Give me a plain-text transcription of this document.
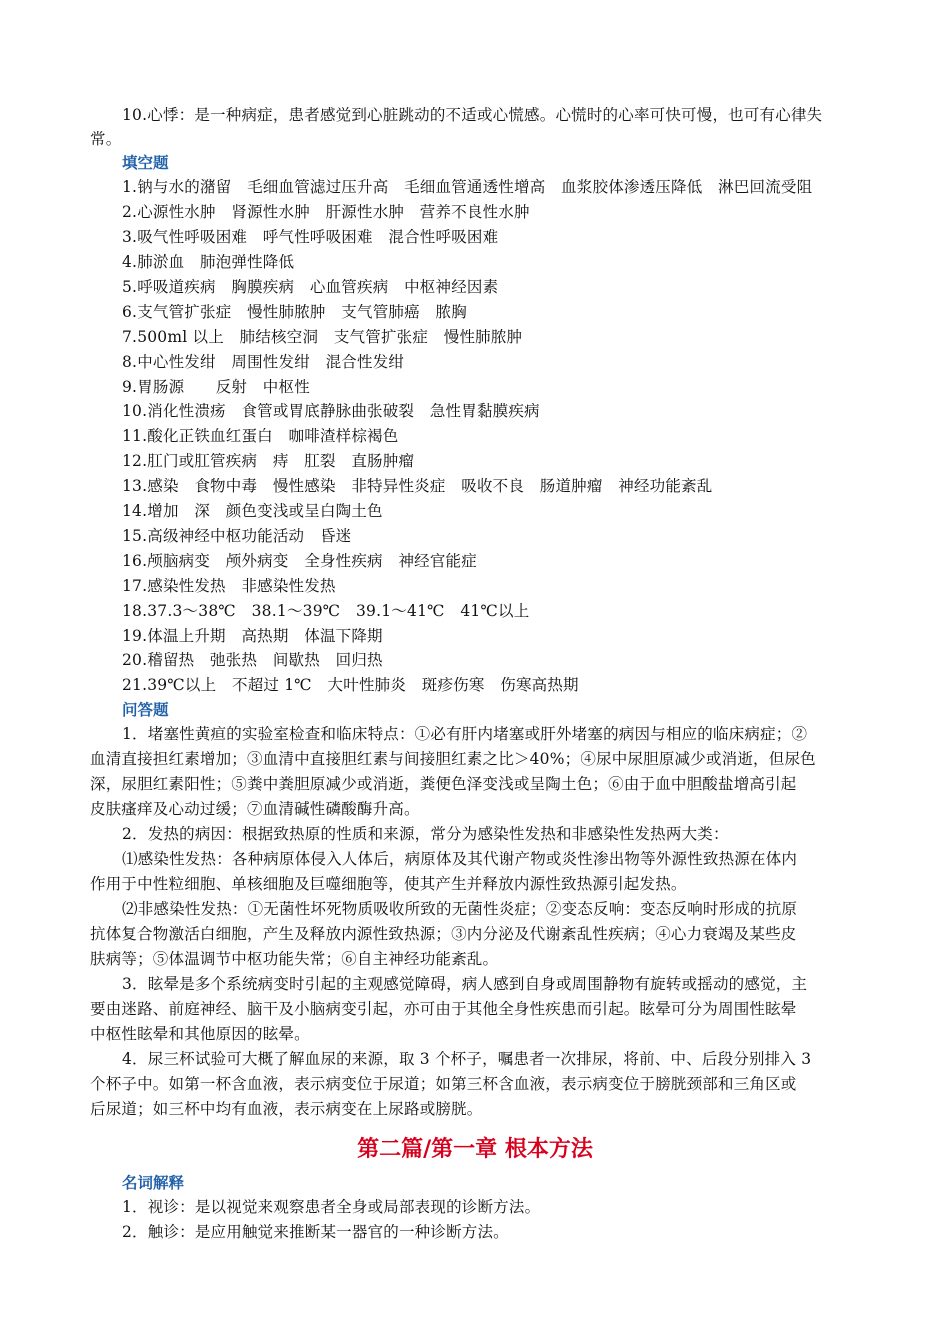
10.心悸：是一种病症，患者感觉到心脏跳动的不适或心慌感。心慌时的心率可快可慢，也可有心律失
常。
填空题
1.钠与水的潴留　毛细血管滤过压升高　毛细血管通透性增高　血浆胶体渗透压降低　淋巴回流受阻
2.心源性水肿　肾源性水肿　肝源性水肿　营养不良性水肿
3.吸气性呼吸困难　呼气性呼吸困难　混合性呼吸困难
4.肺淤血　肺泡弹性降低
5.呼吸道疾病　胸膜疾病　心血管疾病　中枢神经因素
6.支气管扩张症　慢性肺脓肿　支气管肺癌　脓胸
7.500ml 以上　肺结核空洞　支气管扩张症　慢性肺脓肿
8.中心性发绀　周围性发绀　混合性发绀
9.胃肠源　　反射　中枢性
10.消化性溃疡　食管或胃底静脉曲张破裂　急性胃黏膜疾病
11.酸化正铁血红蛋白　咖啡渣样棕褐色
12.肛门或肛管疾病　痔　肛裂　直肠肿瘤
13.感染　食物中毒　慢性感染　非特异性炎症　吸收不良　肠道肿瘤　神经功能紊乱
14.增加　深　颜色变浅或呈白陶土色
15.高级神经中枢功能活动　昏迷
16.颅脑病变　颅外病变　全身性疾病　神经官能症
17.感染性发热　非感染性发热
18.37.3～38℃　38.1～39℃　39.1～41℃　41℃以上
19.体温上升期　高热期　体温下降期
20.稽留热　弛张热　间歇热　回归热
21.39℃以上　不超过 1℃　大叶性肺炎　斑疹伤寒　伤寒高热期
问答题
1．堵塞性黄疸的实验室检查和临床特点：①必有肝内堵塞或肝外堵塞的病因与相应的临床病症；②
血清直接担红素增加；③血清中直接胆红素与间接胆红素之比＞40%；④尿中尿胆原减少或消逝，但尿色
深，尿胆红素阳性；⑤粪中粪胆原减少或消逝，粪便色泽变浅或呈陶土色；⑥由于血中胆酸盐增高引起
皮肤瘙痒及心动过缓；⑦血清碱性磷酸酶升高。
2．发热的病因：根据致热原的性质和来源，常分为感染性发热和非感染性发热两大类：
⑴感染性发热：各种病原体侵入人体后，病原体及其代谢产物或炎性渗出物等外源性致热源在体内
作用于中性粒细胞、单核细胞及巨噬细胞等，使其产生并释放内源性致热源引起发热。
⑵非感染性发热：①无菌性坏死物质吸收所致的无菌性炎症；②变态反响：变态反响时形成的抗原
抗体复合物激活白细胞，产生及释放内源性致热源；③内分泌及代谢紊乱性疾病；④心力衰竭及某些皮
肤病等；⑤体温调节中枢功能失常；⑥自主神经功能紊乱。
3．眩晕是多个系统病变时引起的主观感觉障碍，病人感到自身或周围静物有旋转或摇动的感觉，主
要由迷路、前庭神经、脑干及小脑病变引起，亦可由于其他全身性疾患而引起。眩晕可分为周围性眩晕
中枢性眩晕和其他原因的眩晕。
4．尿三杯试验可大概了解血尿的来源，取 3 个杯子，嘱患者一次排尿，将前、中、后段分别排入 3
个杯子中。如第一杯含血液，表示病变位于尿道；如第三杯含血液，表示病变位于膀胱颈部和三角区或
后尿道；如三杯中均有血液，表示病变在上尿路或膀胱。
第二篇/第一章 根本方法
名词解释
1．视诊：是以视觉来观察患者全身或局部表现的诊断方法。
2．触诊：是应用触觉来推断某一器官的一种诊断方法。
